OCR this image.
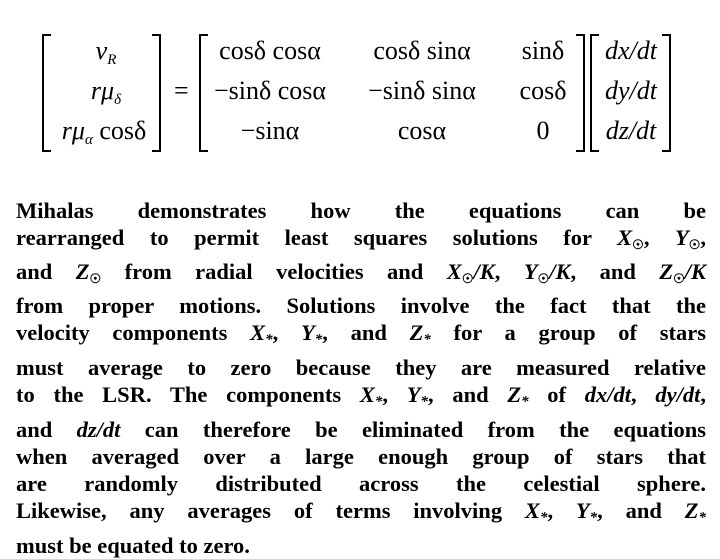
$v_R$
$r\mu_\delta$
$r\mu_\alpha$ cosδ
=
cosδ cosα cosδ sinα sinδ
−sinδ cosα −sinδ sinα cosδ
−sinα	cosα	0
dx/dt
dy/dt
dz/dt
Mihalas demonstrates how the equations can be
rearranged to permit least squares solutions for X☉, Y☉,
and Z☉ from radial velocities and X☉/K, Y☉/K, and Z☉/K
from proper motions. Solutions involve the fact that the
velocity components X*, Y*, and Z* for a group of stars
must average to zero because they are measured relative
to the LSR. The components X*, Y*, and Z* of dx/dt, dy/dt,
and dz/dt can therefore be eliminated from the equations
when averaged over a large enough group of stars that
are randomly distributed across the celestial sphere.
Likewise, any averages of terms involving X*, Y*, and Z*
must be equated to zero.
